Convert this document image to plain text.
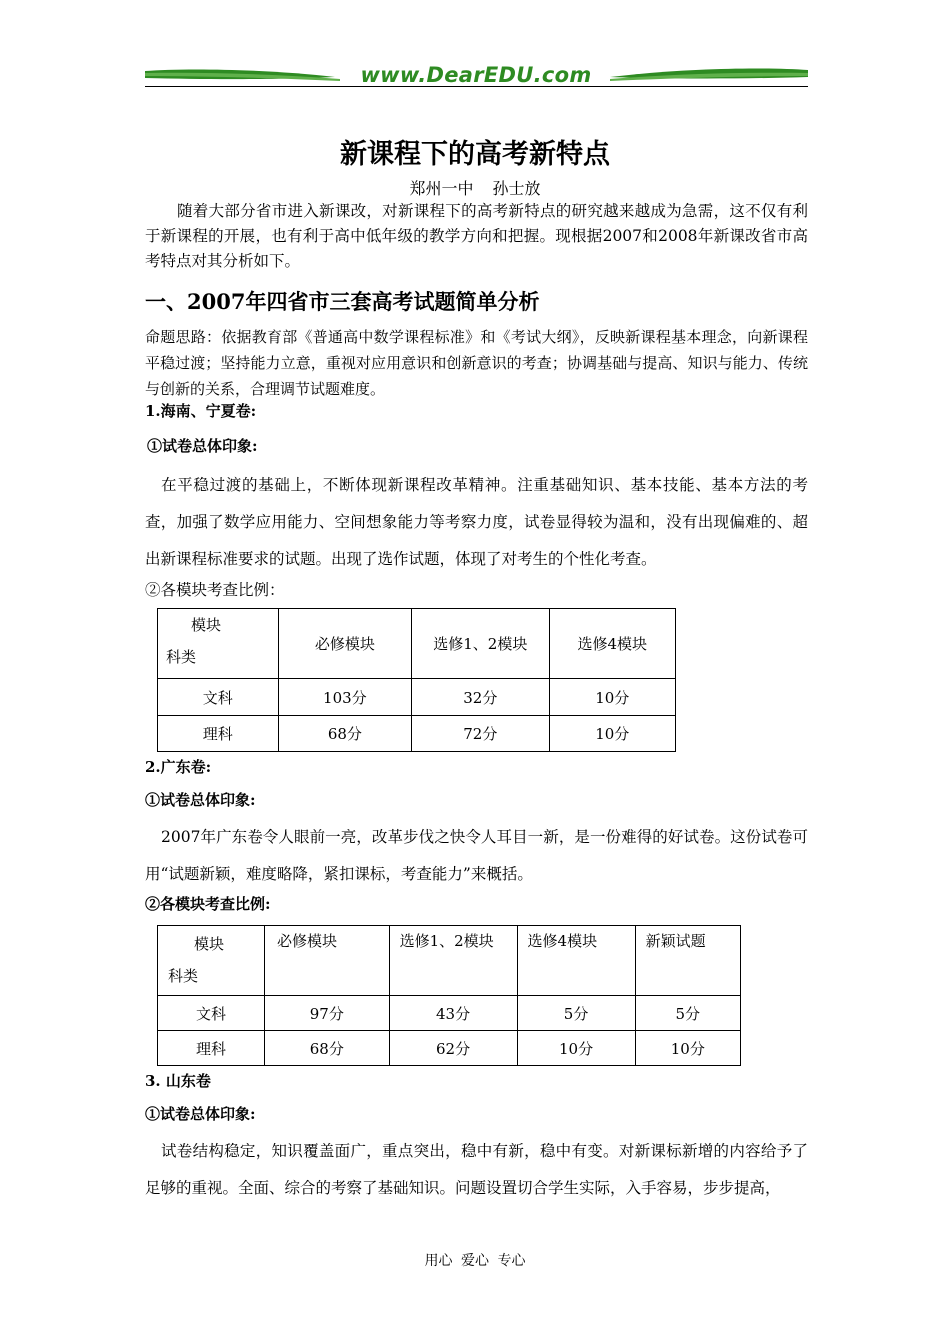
www.DearEDU.com
新课程下的高考新特点
郑州一中 孙士放
随着大部分省市进入新课改，对新课程下的高考新特点的研究越来越成为急需，这不仅有利于新课程的开展，也有利于高中低年级的教学方向和把握。现根据2007和2008年新课改省市高考特点对其分析如下。
一、2007年四省市三套高考试题简单分析
命题思路：依据教育部《普通高中数学课程标准》和《考试大纲》，反映新课程基本理念，向新课程平稳过渡；坚持能力立意，重视对应用意识和创新意识的考查；协调基础与提高、知识与能力、传统与创新的关系，合理调节试题难度。
1.海南、宁夏卷:
①试卷总体印象:
在平稳过渡的基础上，不断体现新课程改革精神。注重基础知识、基本技能、基本方法的考查，加强了数学应用能力、空间想象能力等考察力度，试卷显得较为温和，没有出现偏难的、超出新课程标准要求的试题。出现了选作试题，体现了对考生的个性化考查。
②各模块考查比例：
模块
科类	必修模块	选修1、2模块	选修4模块
文科	103分	32分	10分
理科	68分	72分	10分
2.广东卷:
①试卷总体印象:
2007年广东卷令人眼前一亮，改革步伐之快令人耳目一新，是一份难得的好试卷。这份试卷可用“试题新颖，难度略降，紧扣课标，考查能力”来概括。
②各模块考查比例:
模块
科类	必修模块	选修1、2模块	选修4模块	新颖试题
文科	97分	43分	5分	5分
理科	68分	62分	10分	10分
3. 山东卷
①试卷总体印象:
试卷结构稳定，知识覆盖面广，重点突出，稳中有新，稳中有变。对新课标新增的内容给予了足够的重视。全面、综合的考察了基础知识。问题设置切合学生实际，入手容易，步步提高，
用心 爱心 专心
